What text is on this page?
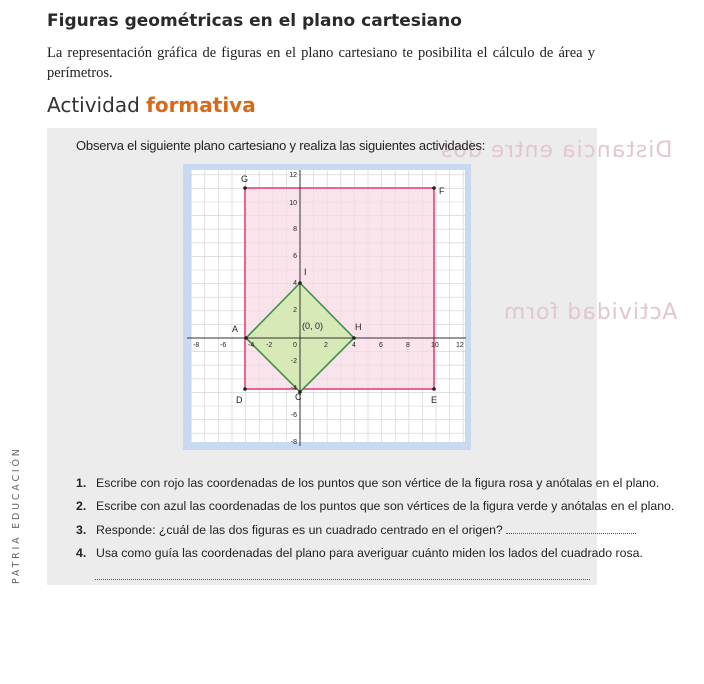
Figuras geométricas en el plano cartesiano
La representación gráfica de figuras en el plano cartesiano te posibilita el cálculo de área y perímetros.
Actividad formativa
Distancia entre dos
Actividad form
Observa el siguiente plano cartesiano y realiza las siguientes actividades:
-8	-6	-4 -2	0	2	4	6	8	10 12
12
10
8
6
4
2
-2
-4
-6
-8
G
F
D	E
A	H
C
I
(0, 0)
1. Escribe con rojo las coordenadas de los puntos que son vértice de la figura rosa y anótalas en el plano.
2. Escribe con azul las coordenadas de los puntos que son vértices de la figura verde y anótalas en el plano.
3. Responde: ¿cuál de las dos figuras es un cuadrado centrado en el origen?
4. Usa como guía las coordenadas del plano para averiguar cuánto miden los lados del cuadrado rosa.
PATRIA EDUCACIÓN
